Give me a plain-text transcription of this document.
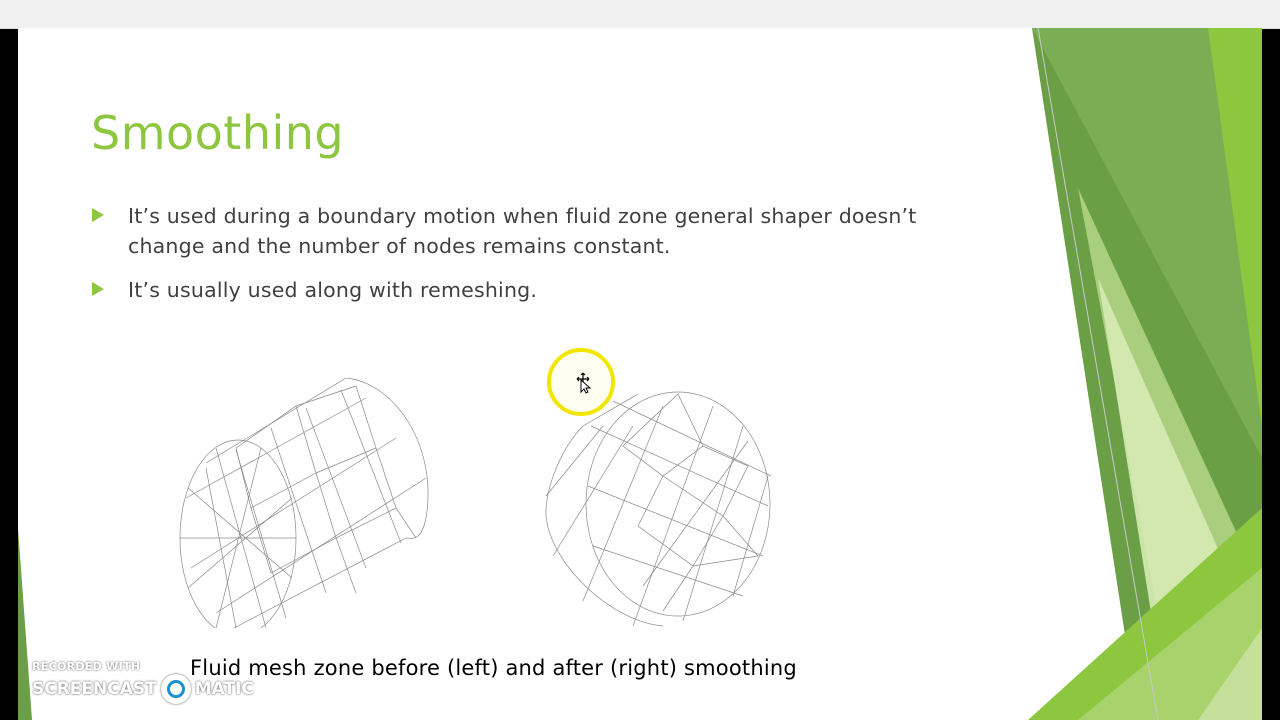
Smoothing
It’s used during a boundary motion when fluid zone general shaper doesn’t change and the number of nodes remains constant.
It’s usually used along with remeshing.
Fluid mesh zone before (left) and after (right) smoothing
RECORDED WITH
SCREENCAST MATIC
